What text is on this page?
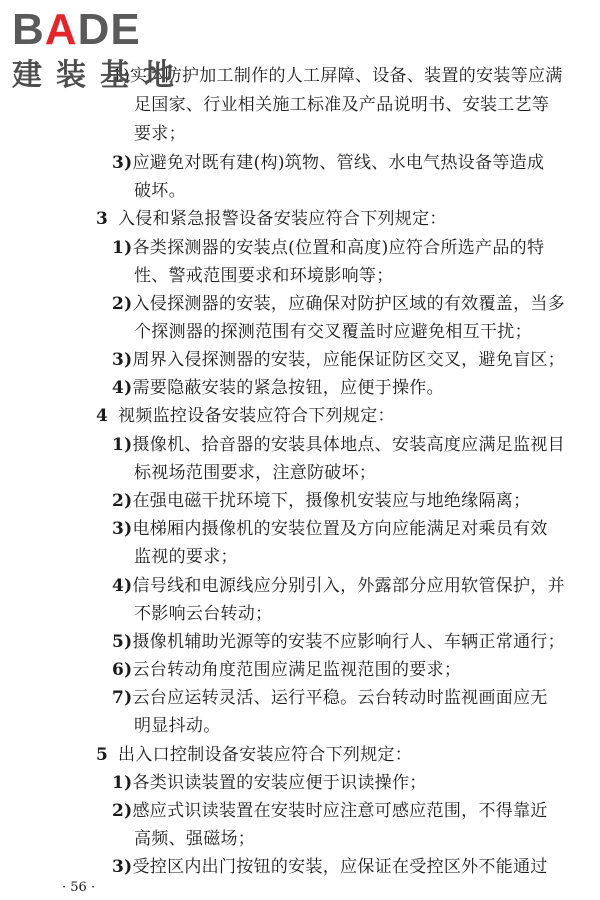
1)实体防护加工制作的人工屏障、设备、装置的安装等应满
足国家、行业相关施工标准及产品说明书、安装工艺等
要求；
3)应避免对既有建(构)筑物、管线、水电气热设备等造成
破坏。
3 入侵和紧急报警设备安装应符合下列规定：
1)各类探测器的安装点(位置和高度)应符合所选产品的特
性、警戒范围要求和环境影响等；
2)入侵探测器的安装，应确保对防护区域的有效覆盖，当多
个探测器的探测范围有交叉覆盖时应避免相互干扰；
3)周界入侵探测器的安装，应能保证防区交叉，避免盲区；
4)需要隐蔽安装的紧急按钮，应便于操作。
4 视频监控设备安装应符合下列规定：
1)摄像机、拾音器的安装具体地点、安装高度应满足监视目
标视场范围要求，注意防破坏；
2)在强电磁干扰环境下，摄像机安装应与地绝缘隔离；
3)电梯厢内摄像机的安装位置及方向应能满足对乘员有效
监视的要求；
4)信号线和电源线应分别引入，外露部分应用软管保护，并
不影响云台转动；
5)摄像机辅助光源等的安装不应影响行人、车辆正常通行；
6)云台转动角度范围应满足监视范围的要求；
7)云台应运转灵活、运行平稳。云台转动时监视画面应无
明显抖动。
5 出入口控制设备安装应符合下列规定：
1)各类识读装置的安装应便于识读操作；
2)感应式识读装置在安装时应注意可感应范围，不得靠近
高频、强磁场；
3)受控区内出门按钮的安装，应保证在受控区外不能通过
· 56 ·
BADE
建装基地
